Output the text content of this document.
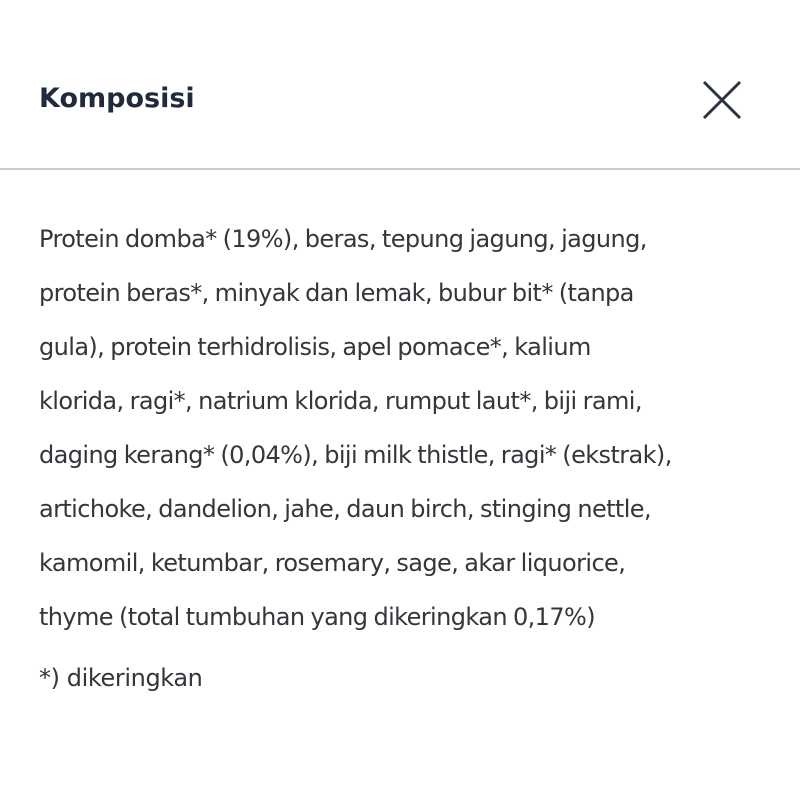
Komposisi

Protein domba* (19%), beras, tepung jagung, jagung,
protein beras*, minyak dan lemak, bubur bit* (tanpa
gula), protein terhidrolisis, apel pomace*, kalium
klorida, ragi*, natrium klorida, rumput laut*, biji rami,
daging kerang* (0,04%), biji milk thistle, ragi* (ekstrak),
artichoke, dandelion, jahe, daun birch, stinging nettle,
kamomil, ketumbar, rosemary, sage, akar liquorice,
thyme (total tumbuhan yang dikeringkan 0,17%)

*) dikeringkan
